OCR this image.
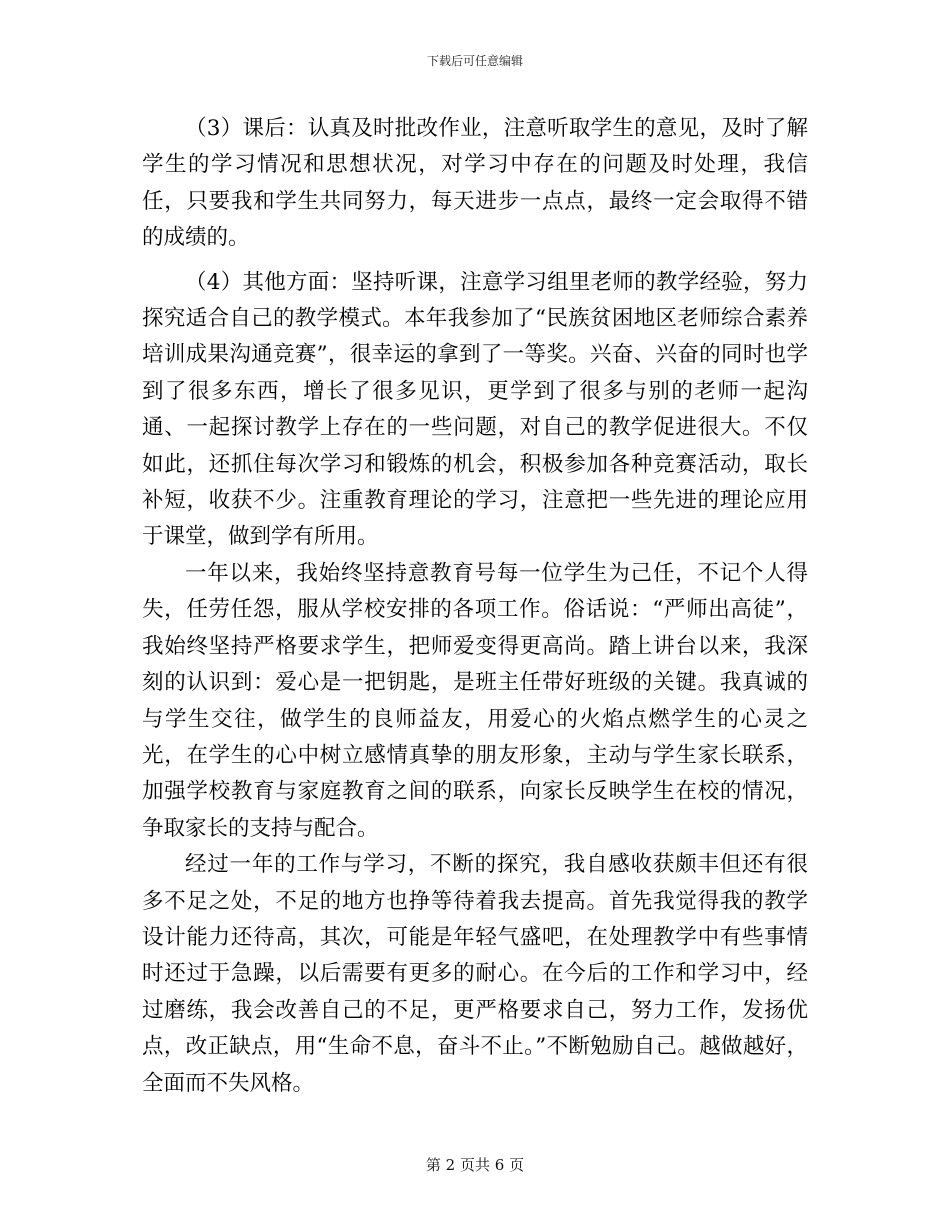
下载后可任意编辑

（3）课后：认真及时批改作业，注意听取学生的意见，及时了解学生的学习情况和思想状况，对学习中存在的问题及时处理，我信任，只要我和学生共同努力，每天进步一点点，最终一定会取得不错的成绩的。

（4）其他方面：坚持听课，注意学习组里老师的教学经验，努力探究适合自己的教学模式。本年我参加了“民族贫困地区老师综合素养培训成果沟通竞赛”，很幸运的拿到了一等奖。兴奋、兴奋的同时也学到了很多东西，增长了很多见识，更学到了很多与别的老师一起沟通、一起探讨教学上存在的一些问题，对自己的教学促进很大。不仅如此，还抓住每次学习和锻炼的机会，积极参加各种竞赛活动，取长补短，收获不少。注重教育理论的学习，注意把一些先进的理论应用于课堂，做到学有所用。

一年以来，我始终坚持意教育号每一位学生为己任，不记个人得失，任劳任怨，服从学校安排的各项工作。俗话说：“严师出高徒”，我始终坚持严格要求学生，把师爱变得更高尚。踏上讲台以来，我深刻的认识到：爱心是一把钥匙，是班主任带好班级的关键。我真诚的与学生交往，做学生的良师益友，用爱心的火焰点燃学生的心灵之光，在学生的心中树立感情真挚的朋友形象，主动与学生家长联系，加强学校教育与家庭教育之间的联系，向家长反映学生在校的情况，争取家长的支持与配合。

经过一年的工作与学习，不断的探究，我自感收获颇丰但还有很多不足之处，不足的地方也挣等待着我去提高。首先我觉得我的教学设计能力还待高，其次，可能是年轻气盛吧，在处理教学中有些事情时还过于急躁，以后需要有更多的耐心。在今后的工作和学习中，经过磨练，我会改善自己的不足，更严格要求自己，努力工作，发扬优点，改正缺点，用“生命不息，奋斗不止。”不断勉励自己。越做越好，全面而不失风格。

第 2 页共 6 页
